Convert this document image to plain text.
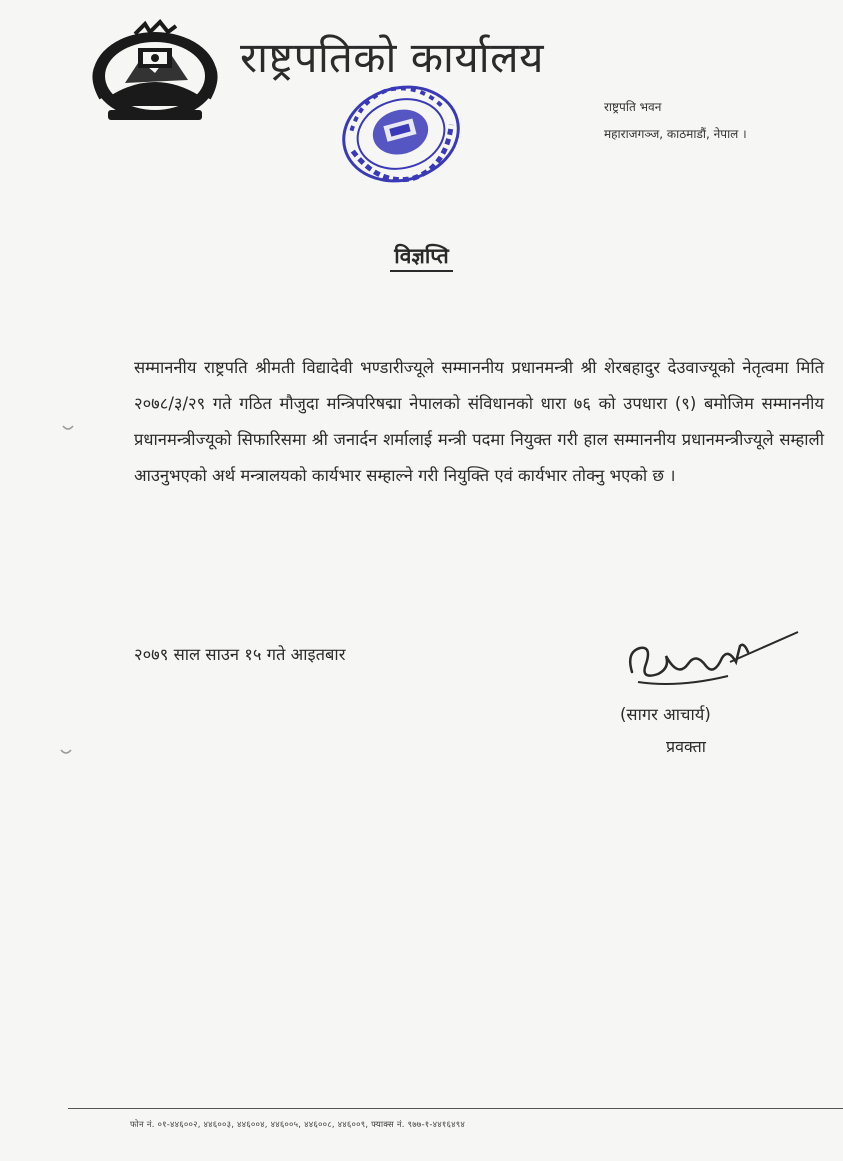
राष्ट्रपतिको कार्यालय
राष्ट्रपति भवन
महाराजगञ्ज, काठमाडौं, नेपाल ।
विज्ञप्ति
सम्माननीय राष्ट्रपति श्रीमती विद्यादेवी भण्डारीज्यूले सम्माननीय प्रधानमन्त्री श्री शेरबहादुर देउवाज्यूको नेतृत्वमा मिति २०७८/३/२९ गते गठित मौजुदा मन्त्रिपरिषद्मा नेपालको संविधानको धारा ७६ को उपधारा (९) बमोजिम सम्माननीय प्रधानमन्त्रीज्यूको सिफारिसमा श्री जनार्दन शर्मालाई मन्त्री पदमा नियुक्त गरी हाल सम्माननीय प्रधानमन्त्रीज्यूले सम्हाली आउनुभएको अर्थ मन्त्रालयको कार्यभार सम्हाल्ने गरी नियुक्ति एवं कार्यभार तोक्नु भएको छ ।
२०७९ साल साउन १५ गते आइतबार
(सागर आचार्य)
प्रवक्ता
फोन नं. ०१-४४६००२, ४४६००३, ४४६००४, ४४६००५, ४४६००८, ४४६००९, फ्याक्स नं. ९७७-१-४४१६४९४
